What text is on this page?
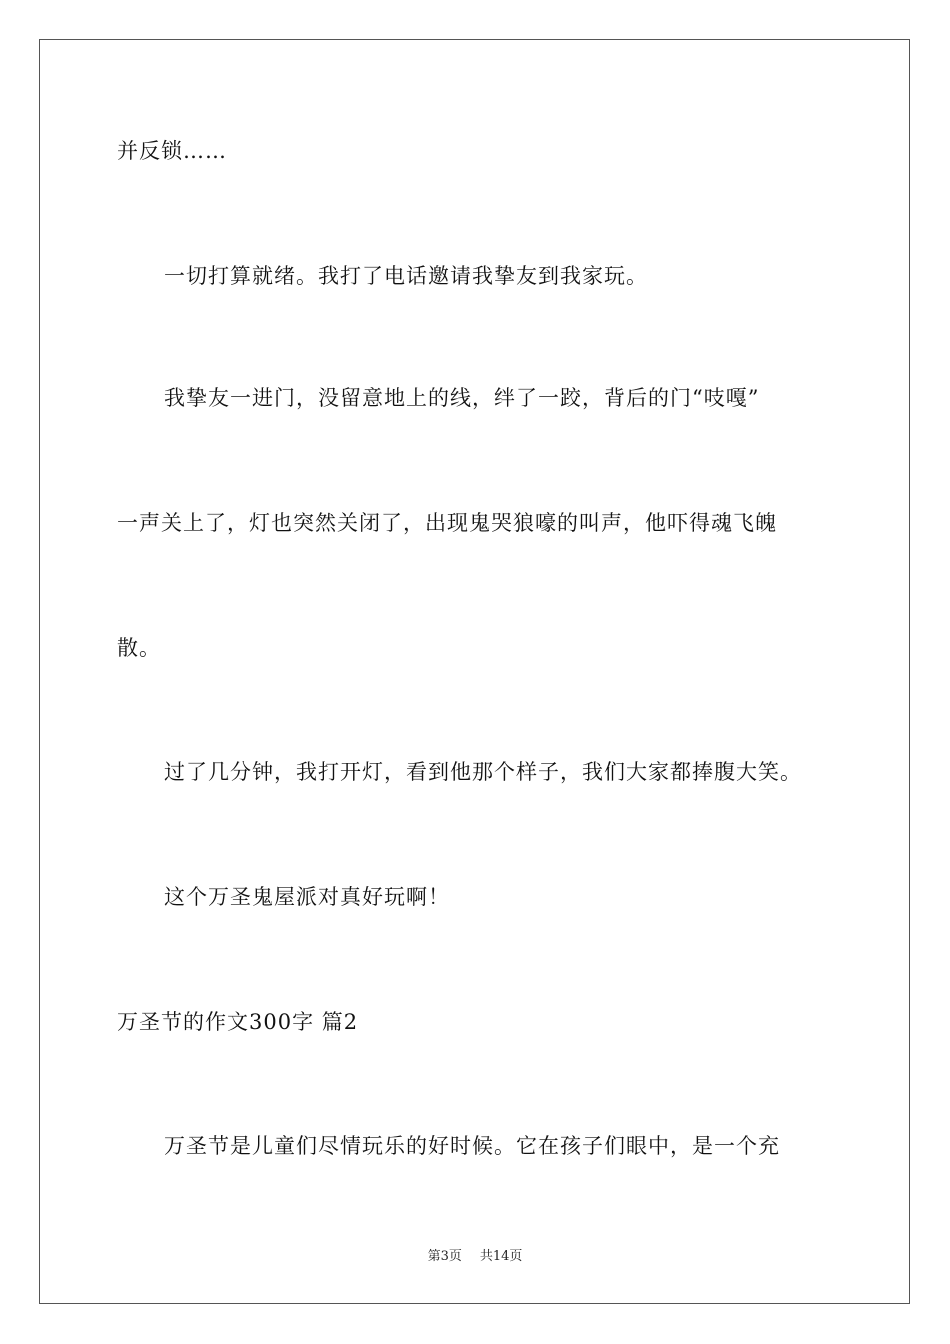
并反锁……
一切打算就绪。我打了电话邀请我挚友到我家玩。
我挚友一进门，没留意地上的线，绊了一跤，背后的门“吱嘎”
一声关上了，灯也突然关闭了，出现鬼哭狼嚎的叫声，他吓得魂飞魄
散。
过了几分钟，我打开灯，看到他那个样子，我们大家都捧腹大笑。
这个万圣鬼屋派对真好玩啊！
万圣节的作文300字 篇2
万圣节是儿童们尽情玩乐的好时候。它在孩子们眼中，是一个充
第3页 共14页
